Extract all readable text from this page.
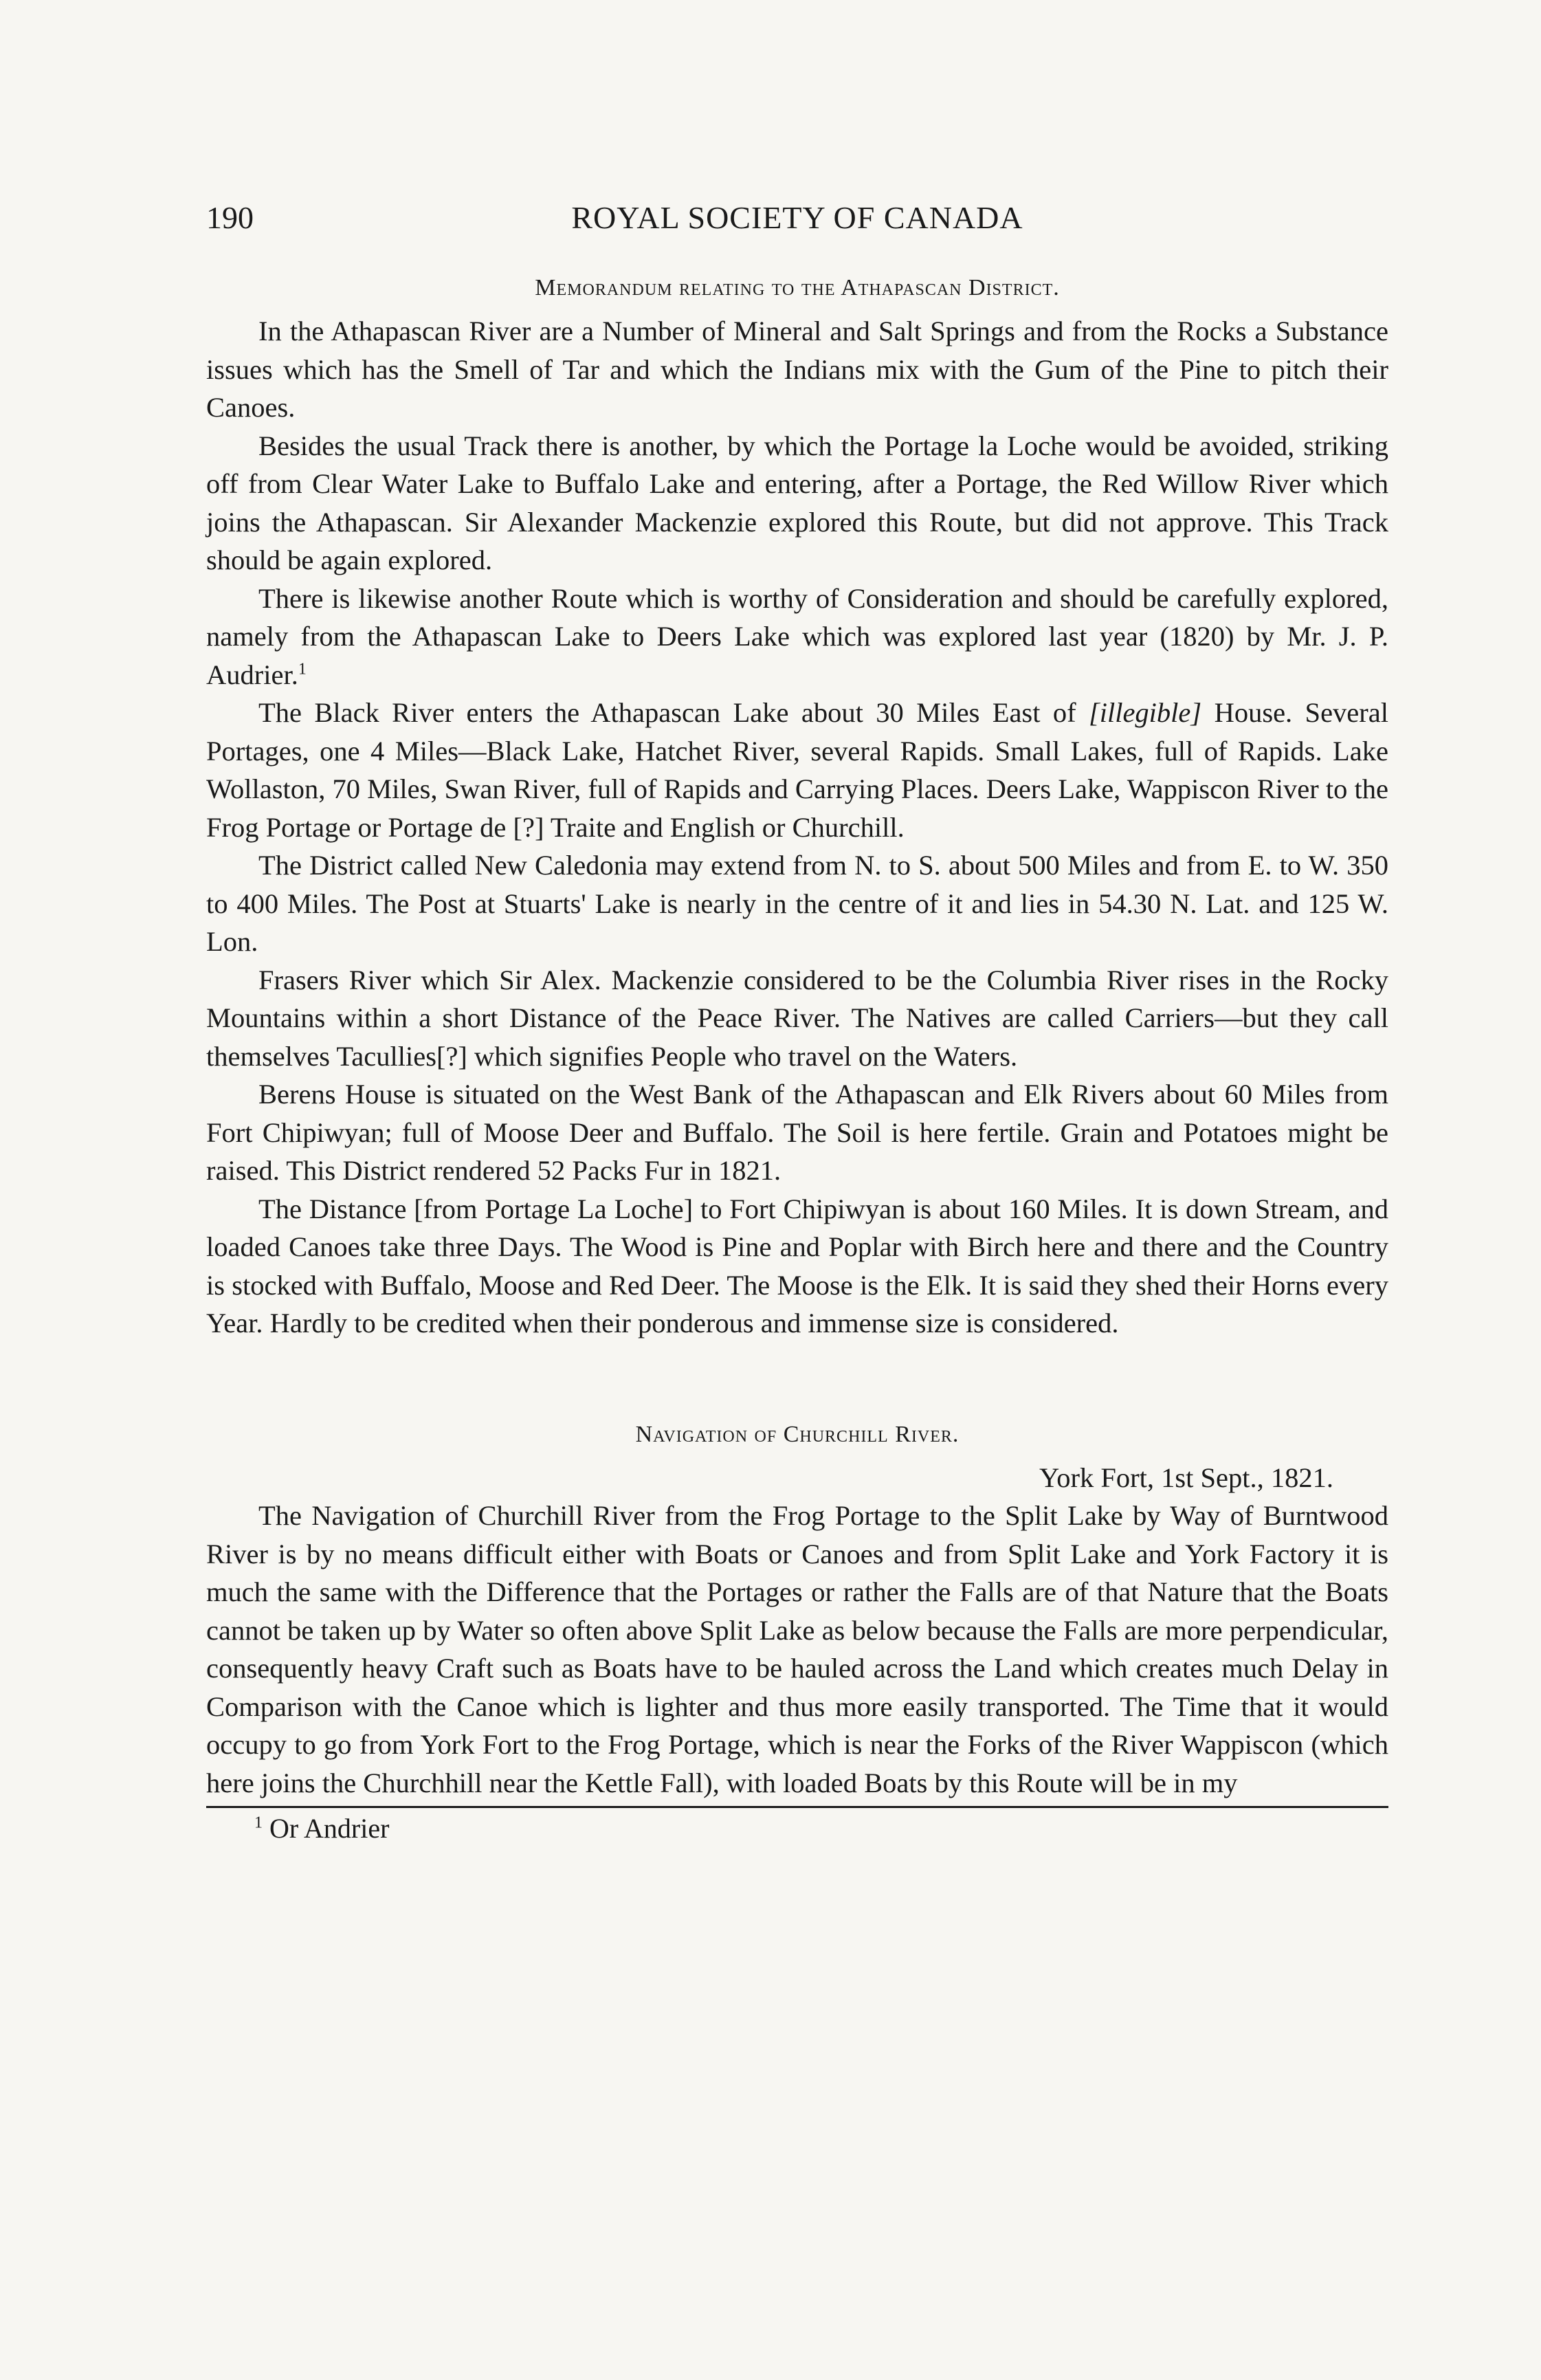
190	ROYAL SOCIETY OF CANADA
Memorandum relating to the Athapascan District.

In the Athapascan River are a Number of Mineral and Salt Springs and from the Rocks a Substance issues which has the Smell of Tar and which the Indians mix with the Gum of the Pine to pitch their Canoes.

Besides the usual Track there is another, by which the Portage la Loche would be avoided, striking off from Clear Water Lake to Buffalo Lake and entering, after a Portage, the Red Willow River which joins the Athapascan. Sir Alexander Mackenzie explored this Route, but did not approve. This Track should be again explored.

There is likewise another Route which is worthy of Consideration and should be carefully explored, namely from the Athapascan Lake to Deers Lake which was explored last year (1820) by Mr. J. P. Audrier.$^1$

The Black River enters the Athapascan Lake about 30 Miles East of [illegible] House. Several Portages, one 4 Miles—Black Lake, Hatchet River, several Rapids. Small Lakes, full of Rapids. Lake Wollaston, 70 Miles, Swan River, full of Rapids and Carrying Places. Deers Lake, Wappiscon River to the Frog Portage or Portage de [?] Traite and English or Churchill.

The District called New Caledonia may extend from N. to S. about 500 Miles and from E. to W. 350 to 400 Miles. The Post at Stuarts' Lake is nearly in the centre of it and lies in 54.30 N. Lat. and 125 W. Lon.

Frasers River which Sir Alex. Mackenzie considered to be the Columbia River rises in the Rocky Mountains within a short Distance of the Peace River. The Natives are called Carriers—but they call themselves Tacullies[?] which signifies People who travel on the Waters.

Berens House is situated on the West Bank of the Athapascan and Elk Rivers about 60 Miles from Fort Chipiwyan; full of Moose Deer and Buffalo. The Soil is here fertile. Grain and Potatoes might be raised. This District rendered 52 Packs Fur in 1821.

The Distance [from Portage La Loche] to Fort Chipiwyan is about 160 Miles. It is down Stream, and loaded Canoes take three Days. The Wood is Pine and Poplar with Birch here and there and the Country is stocked with Buffalo, Moose and Red Deer. The Moose is the Elk. It is said they shed their Horns every Year. Hardly to be credited when their ponderous and immense size is considered.

Navigation of Churchill River.
York Fort, 1st Sept., 1821.

The Navigation of Churchill River from the Frog Portage to the Split Lake by Way of Burntwood River is by no means difficult either with Boats or Canoes and from Split Lake and York Factory it is much the same with the Difference that the Portages or rather the Falls are of that Nature that the Boats cannot be taken up by Water so often above Split Lake as below because the Falls are more perpendicular, consequently heavy Craft such as Boats have to be hauled across the Land which creates much Delay in Comparison with the Canoe which is lighter and thus more easily transported. The Time that it would occupy to go from York Fort to the Frog Portage, which is near the Forks of the River Wappiscon (which here joins the Churchhill near the Kettle Fall), with loaded Boats by this Route will be in my

$^1$ Or Andrier
